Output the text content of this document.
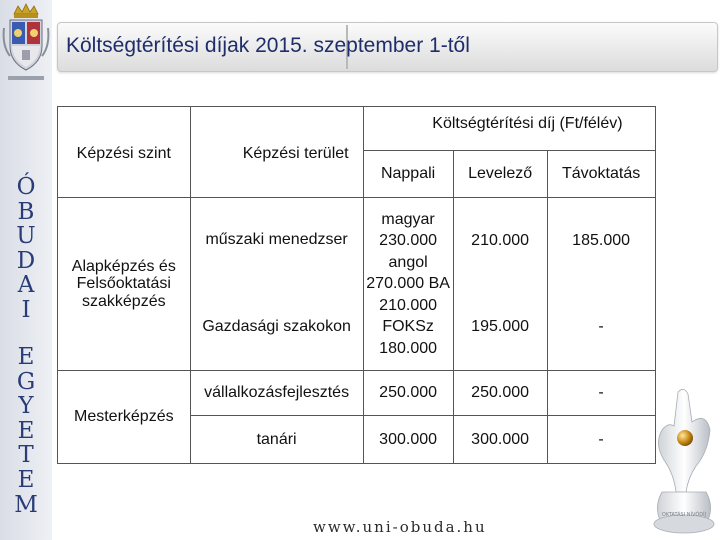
Ó
B
U
D
A
I
E
G
Y
E
T
E
M
Költségtérítési díjak 2015. szeptember 1-től
Képzési szint	Képzési terület	Költségtérítési díj (Ft/félév)		
		Nappali	Levelező	Távoktatás
Alapképzés és Felsőoktatási szakképzés	műszaki menedzser	magyar 230.000 angol 270.000 BA 210.000 FOKSz 180.000	210.000	185.000
	Gazdasági szakokon		195.000	-
Mesterképzés	vállalkozásfejlesztés	250.000	250.000	-
	tanári	300.000	300.000	-
www.uni-obuda.hu
OKTATÁSI NÍVÓDÍJ
